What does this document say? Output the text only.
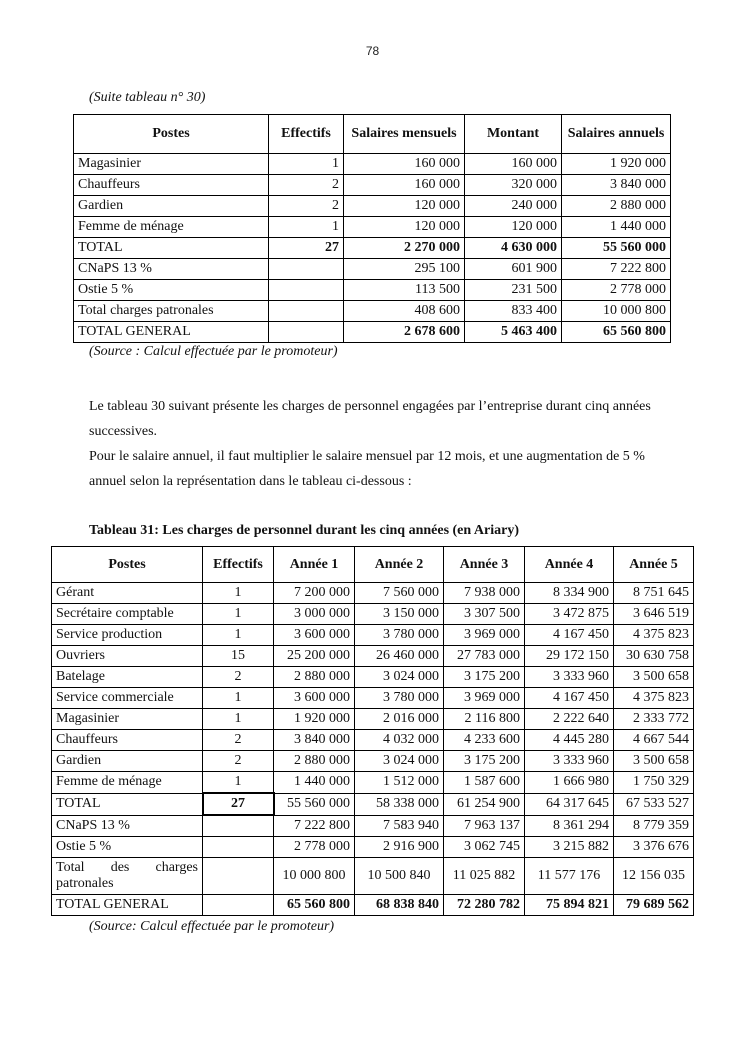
78
(Suite tableau n° 30)
Postes	Effectifs	Salaires mensuels	Montant	Salaires annuels
Magasinier	1	160 000	160 000	1 920 000
Chauffeurs	2	160 000	320 000	3 840 000
Gardien	2	120 000	240 000	2 880 000
Femme de ménage	1	120 000	120 000	1 440 000
TOTAL	27	2 270 000	4 630 000	55 560 000
CNaPS 13 %		295 100	601 900	7 222 800
Ostie 5 %		113 500	231 500	2 778 000
Total charges patronales		408 600	833 400	10 000 800
TOTAL GENERAL		2 678 600	5 463 400	65 560 800
(Source : Calcul effectuée par le promoteur)
Le tableau 30 suivant présente les charges de personnel engagées par l’entreprise durant cinq années successives.
Pour le salaire annuel, il faut multiplier le salaire mensuel par 12 mois, et une augmentation de 5 % annuel selon la représentation dans le tableau ci-dessous :
Tableau 31: Les charges de personnel durant les cinq années (en Ariary)
Postes	Effectifs	Année 1	Année 2	Année 3	Année 4	Année 5
Gérant	1	7 200 000	7 560 000	7 938 000	8 334 900	8 751 645
Secrétaire comptable	1	3 000 000	3 150 000	3 307 500	3 472 875	3 646 519
Service production	1	3 600 000	3 780 000	3 969 000	4 167 450	4 375 823
Ouvriers	15	25 200 000	26 460 000	27 783 000	29 172 150	30 630 758
Batelage	2	2 880 000	3 024 000	3 175 200	3 333 960	3 500 658
Service commerciale	1	3 600 000	3 780 000	3 969 000	4 167 450	4 375 823
Magasinier	1	1 920 000	2 016 000	2 116 800	2 222 640	2 333 772
Chauffeurs	2	3 840 000	4 032 000	4 233 600	4 445 280	4 667 544
Gardien	2	2 880 000	3 024 000	3 175 200	3 333 960	3 500 658
Femme de ménage	1	1 440 000	1 512 000	1 587 600	1 666 980	1 750 329
TOTAL	27	55 560 000	58 338 000	61 254 900	64 317 645	67 533 527
CNaPS 13 %		7 222 800	7 583 940	7 963 137	8 361 294	8 779 359
Ostie 5 %		2 778 000	2 916 900	3 062 745	3 215 882	3 376 676

Total des charges patronales		10 000 800	10 500 840	11 025 882	11 577 176	12 156 035
TOTAL GENERAL		65 560 800	68 838 840	72 280 782	75 894 821	79 689 562
(Source: Calcul effectuée par le promoteur)
